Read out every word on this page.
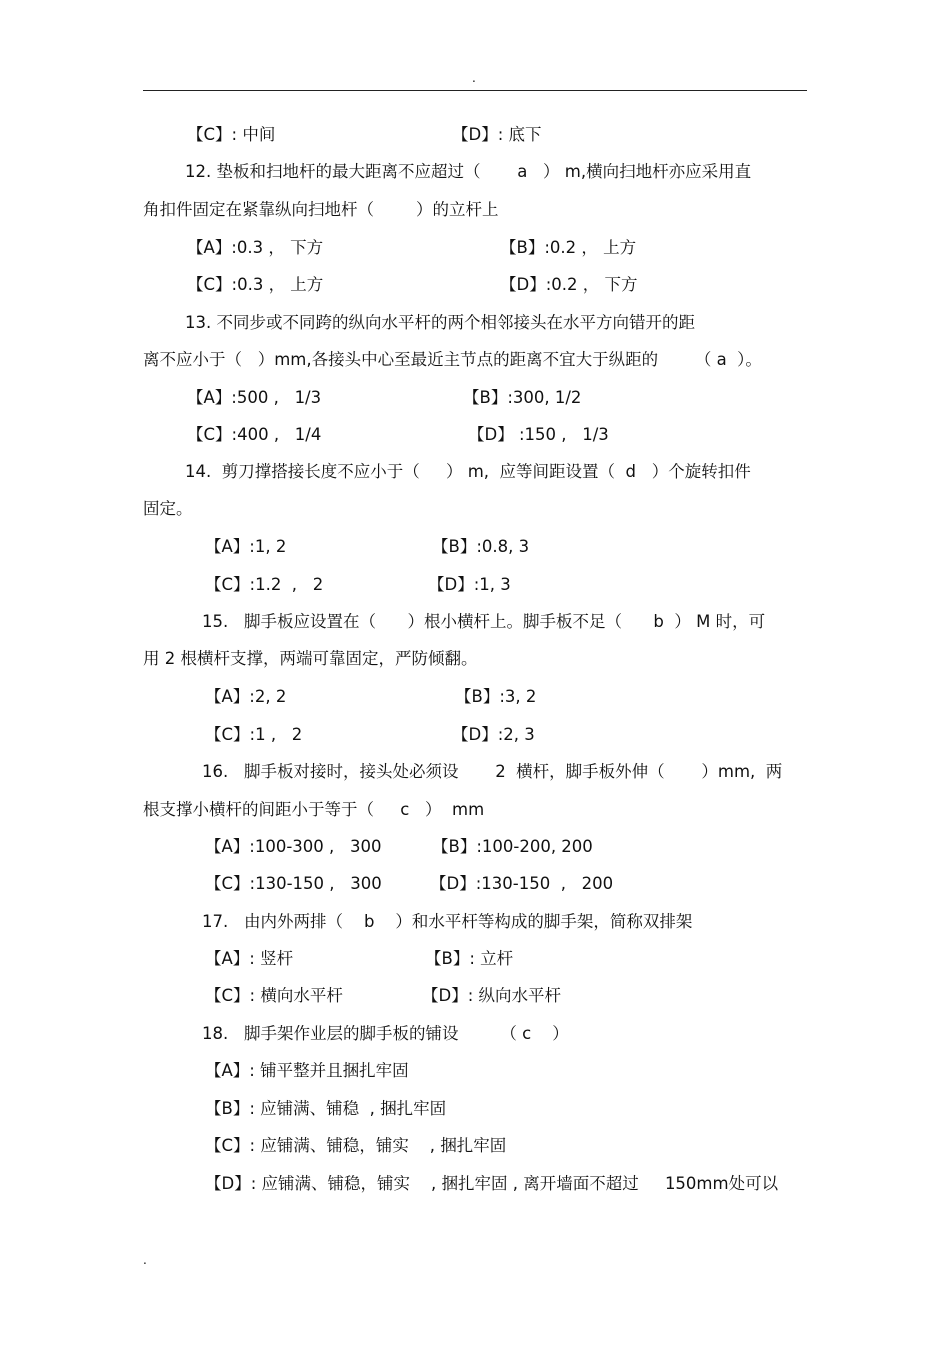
.
【C】: 中间	【D】: 底下
12. 垫板和扫地杆的最大距离不应超过（       a   ） m,横向扫地杆亦应采用直
角扣件固定在紧靠纵向扫地杆（        ）的立杆上
【A】:0.3 ， 下方	【B】:0.2 ， 上方
【C】:0.3 ， 上方	【D】:0.2 ， 下方
13. 不同步或不同跨的纵向水平杆的两个相邻接头在水平方向错开的距
离不应小于（   ）mm,各接头中心至最近主节点的距离不宜大于纵距的       （ a  ）。
【A】:500 ,   1/3	【B】:300, 1/2
【C】:400 ,   1/4	【D】 :150 ,   1/3
14.  剪刀撑搭接长度不应小于（     ） m,  应等间距设置（  d   ）个旋转扣件
固定。
【A】:1, 2	【B】:0.8, 3
【C】:1.2  ,   2	【D】:1, 3
15.   脚手板应设置在（      ）根小横杆上。脚手板不足（      b  ） M 时，可
用 2 根横杆支撑，两端可靠固定，严防倾翻。
【A】:2, 2	【B】:3, 2
【C】:1 ,   2	【D】:2, 3
16.   脚手板对接时，接头处必须设       2  横杆，脚手板外伸（       ）mm,  两
根支撑小横杆的间距小于等于（     c   ）  mm
【A】:100-300 ,   300	【B】:100-200, 200
【C】:130-150 ,   300	【D】:130-150  ,   200
17.   由内外两排（    b    ）和水平杆等构成的脚手架，简称双排架
【A】: 竖杆	【B】: 立杆
【C】: 横向水平杆	【D】: 纵向水平杆
18.   脚手架作业层的脚手板的铺设        （ c    ）
【A】: 铺平整并且捆扎牢固
【B】: 应铺满、铺稳  , 捆扎牢固
【C】: 应铺满、铺稳，铺实    , 捆扎牢固
【D】: 应铺满、铺稳，铺实    , 捆扎牢固 , 离开墙面不超过     150mm处可以
.
